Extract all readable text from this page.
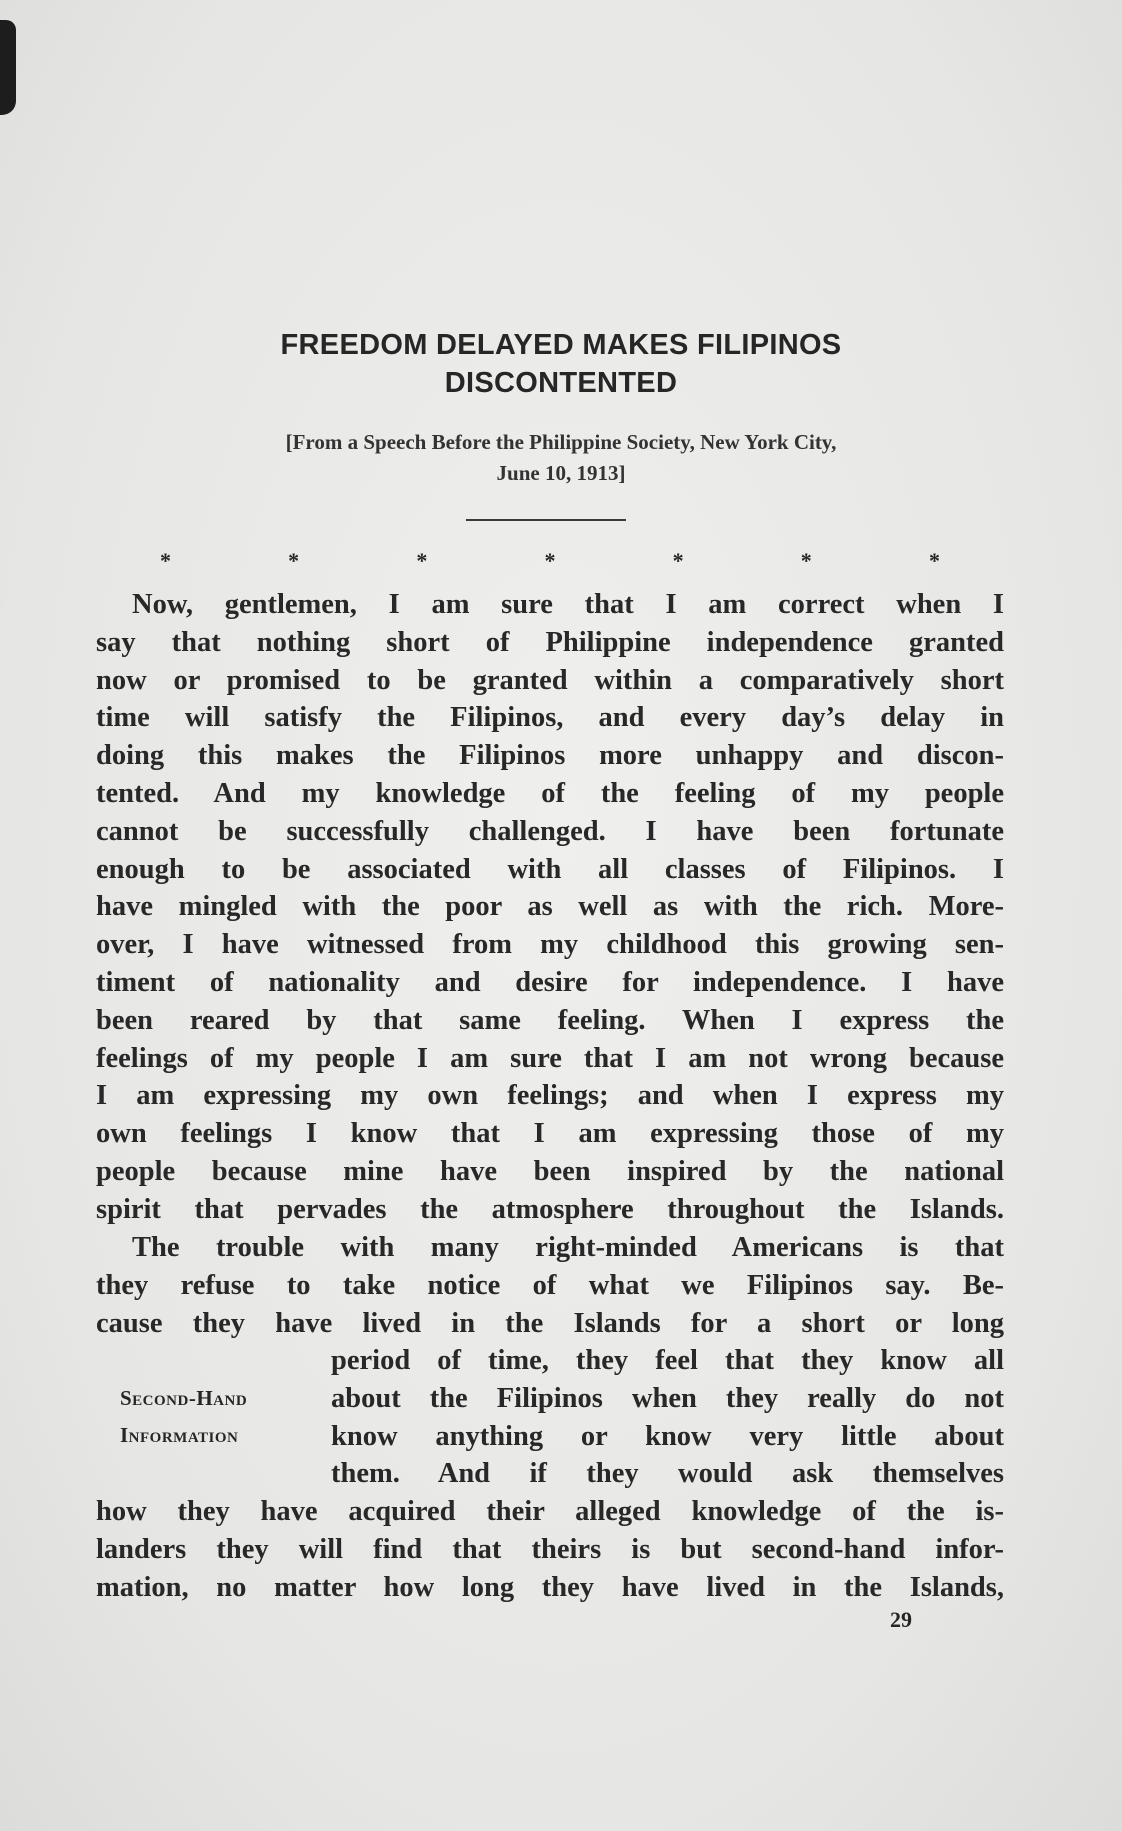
FREEDOM DELAYED MAKES FILIPINOS
DISCONTENTED
[From a Speech Before the Philippine Society, New York City,
June 10, 1913]
*	*	*	*	*	*	*
Now, gentlemen, I am sure that I am correct when I
say that nothing short of Philippine independence granted
now or promised to be granted within a comparatively short
time will satisfy the Filipinos, and every day’s delay in
doing this makes the Filipinos more unhappy and discon-
tented. And my knowledge of the feeling of my people
cannot be successfully challenged. I have been fortunate
enough to be associated with all classes of Filipinos. I
have mingled with the poor as well as with the rich. More-
over, I have witnessed from my childhood this growing sen-
timent of nationality and desire for independence. I have
been reared by that same feeling. When I express the
feelings of my people I am sure that I am not wrong because
I am expressing my own feelings; and when I express my
own feelings I know that I am expressing those of my
people because mine have been inspired by the national
spirit that pervades the atmosphere throughout the Islands.
The trouble with many right-minded Americans is that
they refuse to take notice of what we Filipinos say. Be-
cause they have lived in the Islands for a short or long
period of time, they feel that they know all
about the Filipinos when they really do not
know anything or know very little about
them. And if they would ask themselves
Second-Hand
Information
how they have acquired their alleged knowledge of the is-
landers they will find that theirs is but second-hand infor-
mation, no matter how long they have lived in the Islands,
29
